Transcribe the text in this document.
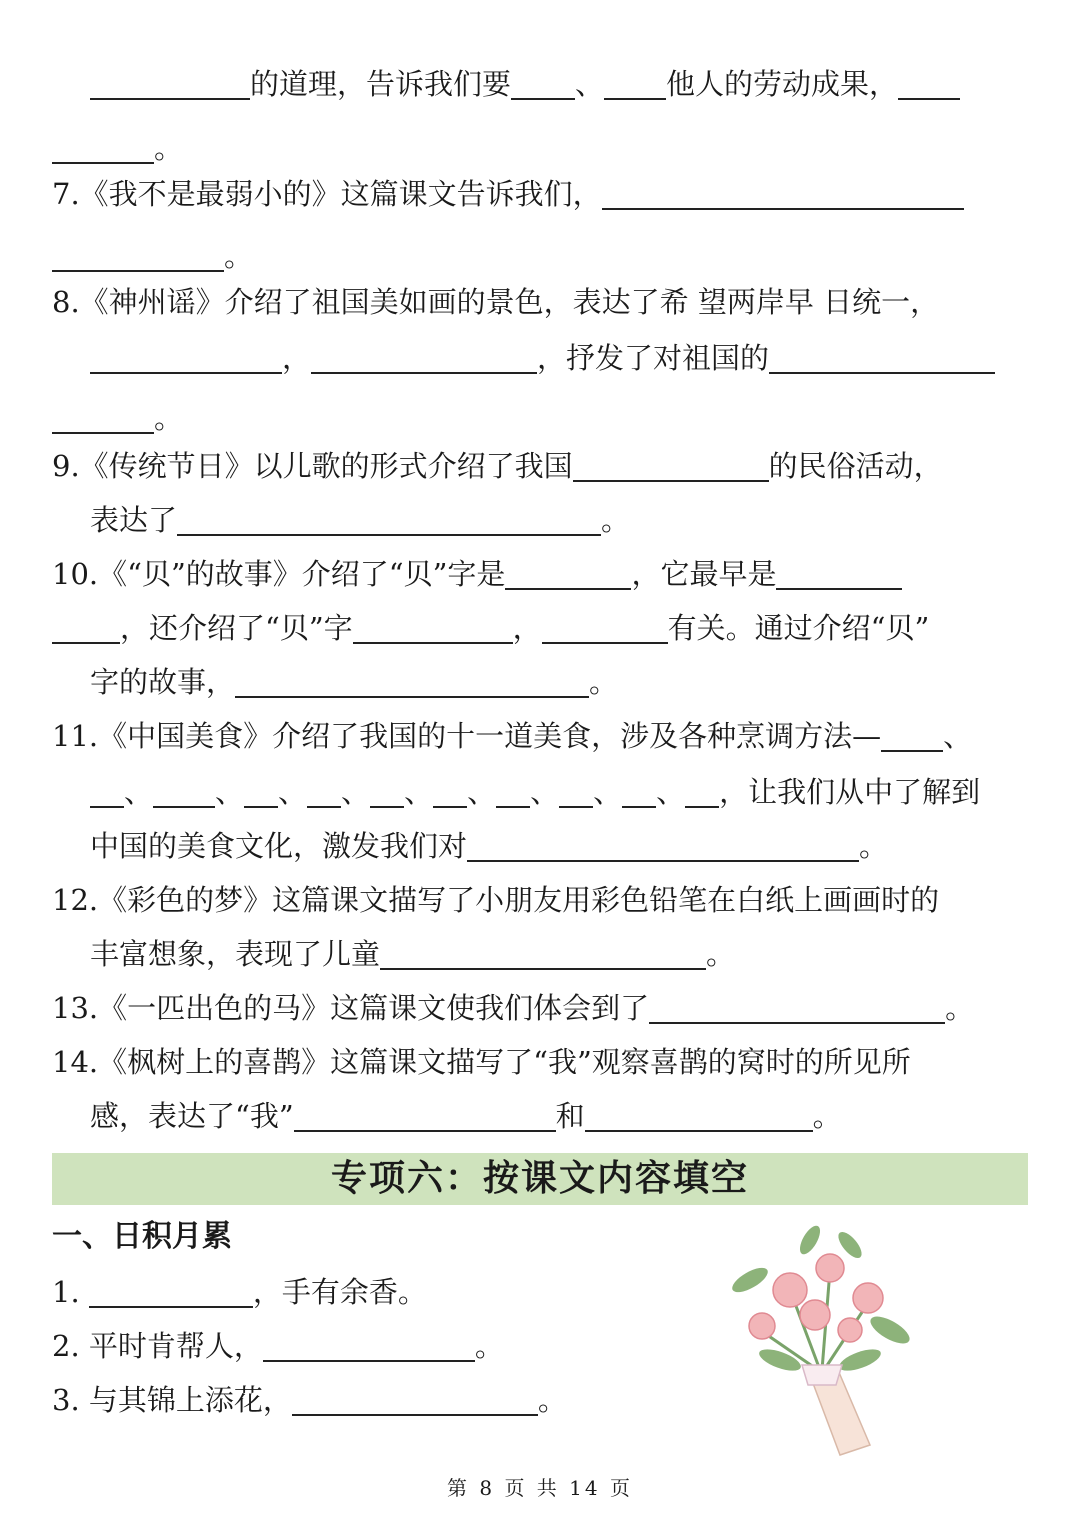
的道理，告诉我们要 、 他人的劳动成果，
。
7.《我不是最弱小的》这篇课文告诉我们，
。
8.《神州谣》介绍了祖国美如画的景色，表达了希 望两岸早 日统一，
，	，抒发了对祖国的
。
9.《传统节日》以儿歌的形式介绍了我国	的民俗活动，
表达了	。
10.《“贝”的故事》介绍了“贝”字是	，它最早是
，还介绍了“贝”字	，	有关。通过介绍“贝”
字的故事，	。
11.《中国美食》介绍了我国的十一道美食，涉及各种烹调方法— 、
、 、 、 、 、 、 、 、 、 ，让我们从中了解到
中国的美食文化，激发我们对	。
12.《彩色的梦》这篇课文描写了小朋友用彩色铅笔在白纸上画画时的
丰富想象，表现了儿童	。
13.《一匹出色的马》这篇课文使我们体会到了	。
14.《枫树上的喜鹊》这篇课文描写了“我”观察喜鹊的窝时的所见所
感，表达了“我”	和	。
专项六：按课文内容填空
一、日积月累
1.	，手有余香。
2. 平时肯帮人，	。
3. 与其锦上添花，	。
第 8 页 共 14 页
